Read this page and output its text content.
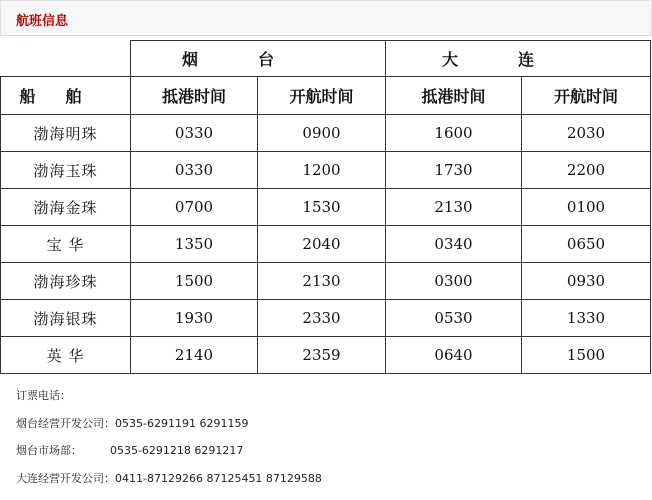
航班信息
	烟台		大连	
船舶	抵港时间	开航时间	抵港时间	开航时间
渤海明珠	0330	0900	1600	2030
渤海玉珠	0330	1200	1730	2200
渤海金珠	0700	1530	2130	0100
宝 华	1350	2040	0340	0650
渤海珍珠	1500	2130	0300	0930
渤海银珠	1930	2330	0530	1330
英 华	2140	2359	0640	1500
订票电话：
烟台经营开发公司：0535-6291191 6291159
烟台市场部：        0535-6291218 6291217
大连经营开发公司：0411-87129266 87125451 87129588
